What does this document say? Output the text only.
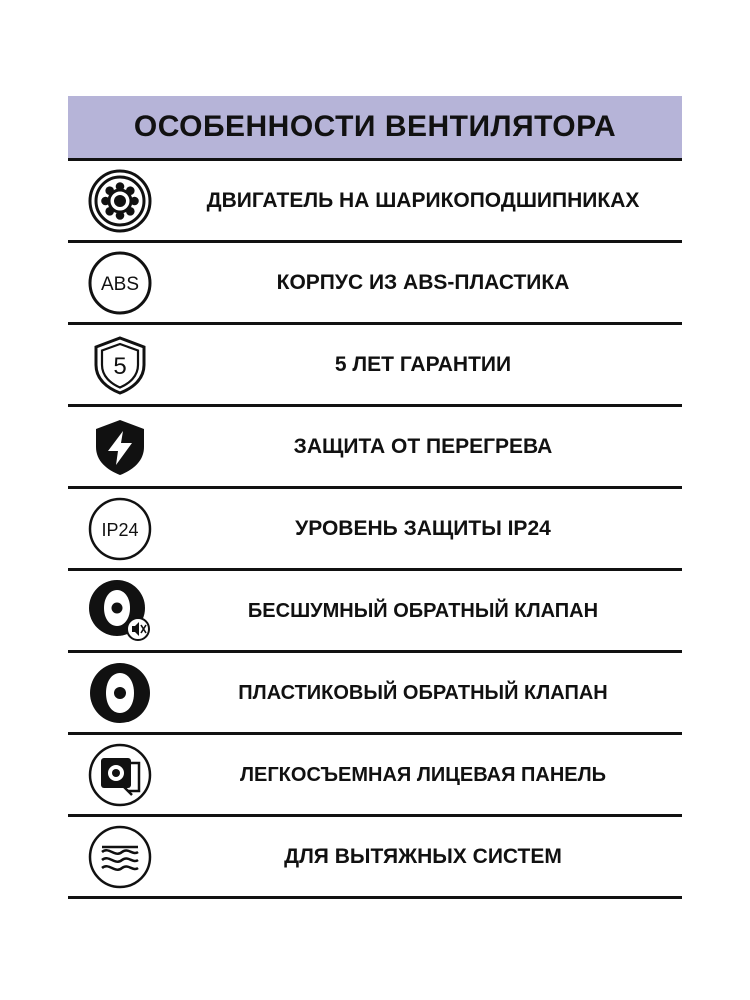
ОСОБЕННОСТИ ВЕНТИЛЯТОРА
ДВИГАТЕЛЬ НА ШАРИКОПОДШИПНИКАХ
ABS	КОРПУС ИЗ ABS-ПЛАСТИКА
5	5 ЛЕТ ГАРАНТИИ
ЗАЩИТА ОТ ПЕРЕГРЕВА
IP24	УРОВЕНЬ ЗАЩИТЫ IP24
БЕСШУМНЫЙ ОБРАТНЫЙ КЛАПАН
ПЛАСТИКОВЫЙ ОБРАТНЫЙ КЛАПАН
ЛЕГКОСЪЕМНАЯ ЛИЦЕВАЯ ПАНЕЛЬ
ДЛЯ ВЫТЯЖНЫХ СИСТЕМ
